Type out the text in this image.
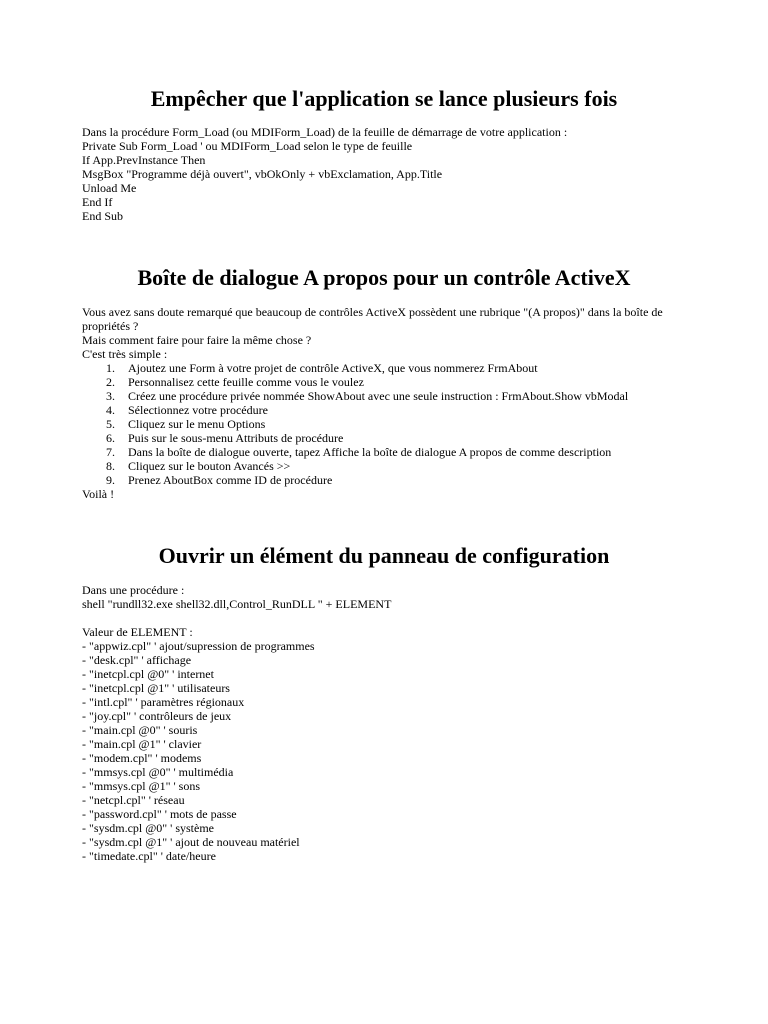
Empêcher que l'application se lance plusieurs fois
Dans la procédure Form_Load (ou MDIForm_Load) de la feuille de démarrage de votre application :
Private Sub Form_Load ' ou MDIForm_Load selon le type de feuille
If App.PrevInstance Then
MsgBox "Programme déjà ouvert", vbOkOnly + vbExclamation, App.Title
Unload Me
End If
End Sub
Boîte de dialogue A propos pour un contrôle ActiveX
Vous avez sans doute remarqué que beaucoup de contrôles ActiveX possèdent une rubrique "(A propos)" dans la boîte de propriétés ?
Mais comment faire pour faire la même chose ?
C'est très simple :
1. Ajoutez une Form à votre projet de contrôle ActiveX, que vous nommerez FrmAbout
2. Personnalisez cette feuille comme vous le voulez
3. Créez une procédure privée nommée ShowAbout avec une seule instruction : FrmAbout.Show vbModal
4. Sélectionnez votre procédure
5. Cliquez sur le menu Options
6. Puis sur le sous-menu Attributs de procédure
7. Dans la boîte de dialogue ouverte, tapez Affiche la boîte de dialogue A propos de comme description
8. Cliquez sur le bouton Avancés >>
9. Prenez AboutBox comme ID de procédure
Voilà !
Ouvrir un élément du panneau de configuration
Dans une procédure :
shell "rundll32.exe shell32.dll,Control_RunDLL " + ELEMENT
Valeur de ELEMENT :
- "appwiz.cpl" ' ajout/supression de programmes
- "desk.cpl" ' affichage
- "inetcpl.cpl @0" ' internet
- "inetcpl.cpl @1" ' utilisateurs
- "intl.cpl" ' paramètres régionaux
- "joy.cpl" ' contrôleurs de jeux
- "main.cpl @0" ' souris
- "main.cpl @1" ' clavier
- "modem.cpl" ' modems
- "mmsys.cpl @0" ' multimédia
- "mmsys.cpl @1" ' sons
- "netcpl.cpl" ' réseau
- "password.cpl" ' mots de passe
- "sysdm.cpl @0" ' système
- "sysdm.cpl @1" ' ajout de nouveau matériel
- "timedate.cpl" ' date/heure
